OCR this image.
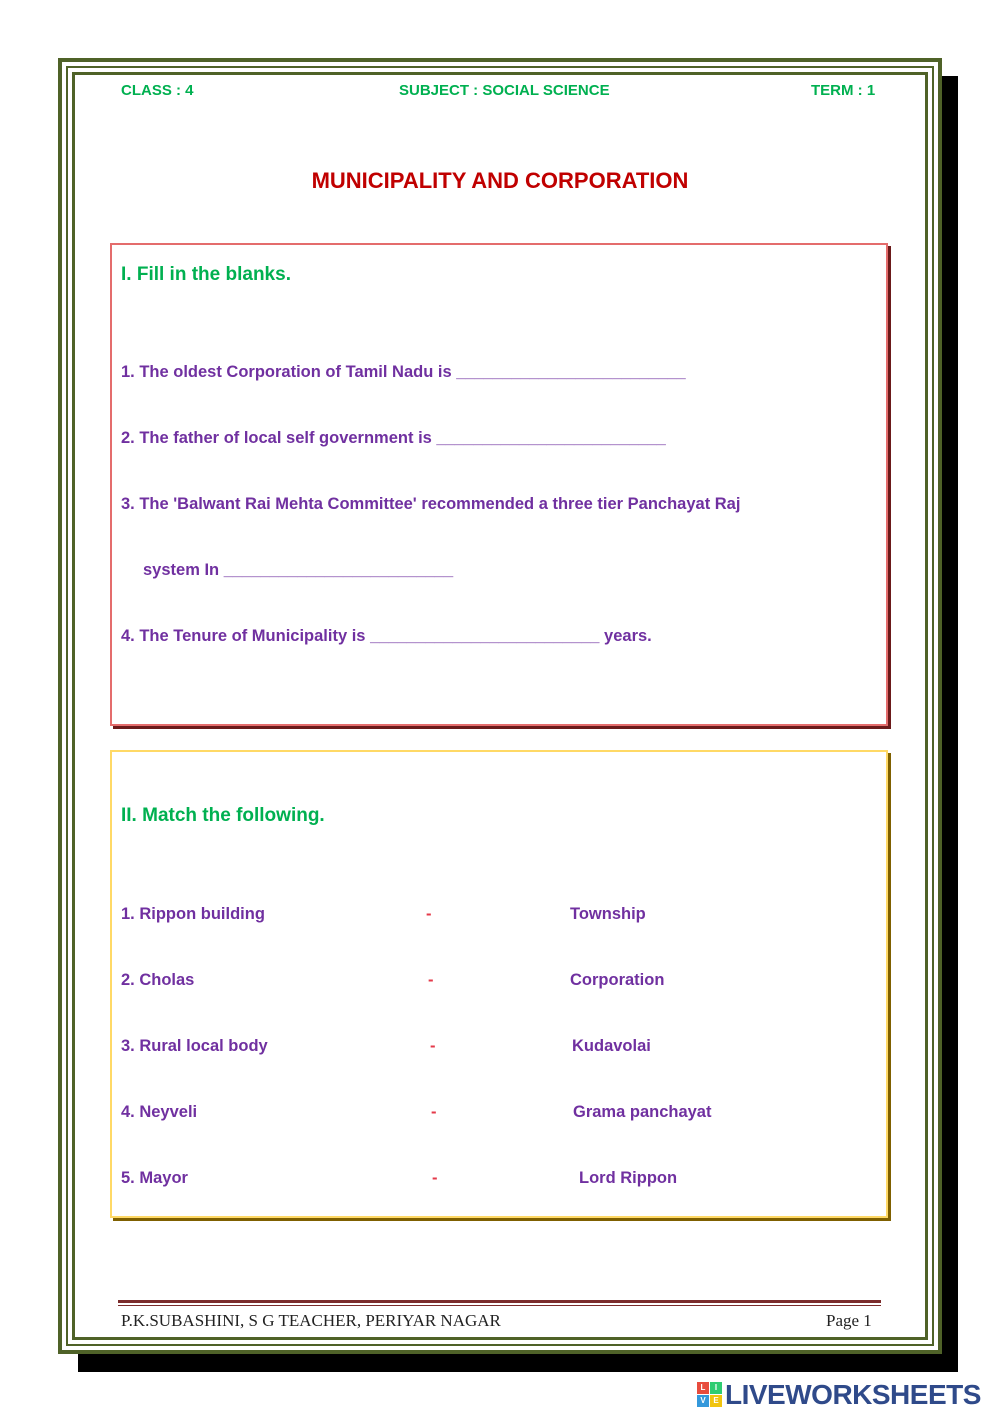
CLASS : 4	SUBJECT : SOCIAL SCIENCE	TERM : 1
MUNICIPALITY AND CORPORATION
I. Fill in the blanks.
1. The oldest Corporation of Tamil Nadu is _________________________
2. The father of local self government is _________________________
3. The 'Balwant Rai Mehta Committee' recommended a three tier Panchayat Raj
system In _________________________
4. The Tenure of Municipality is _________________________ years.
II. Match the following.
1. Rippon building	-	Township
2. Cholas	-	Corporation
3. Rural local body	-	Kudavolai
4. Neyveli	-	Grama panchayat
5. Mayor	-	Lord Rippon
P.K.SUBASHINI, S G TEACHER, PERIYAR NAGAR	Page 1
L	I
V E LIVEWORKSHEETS
